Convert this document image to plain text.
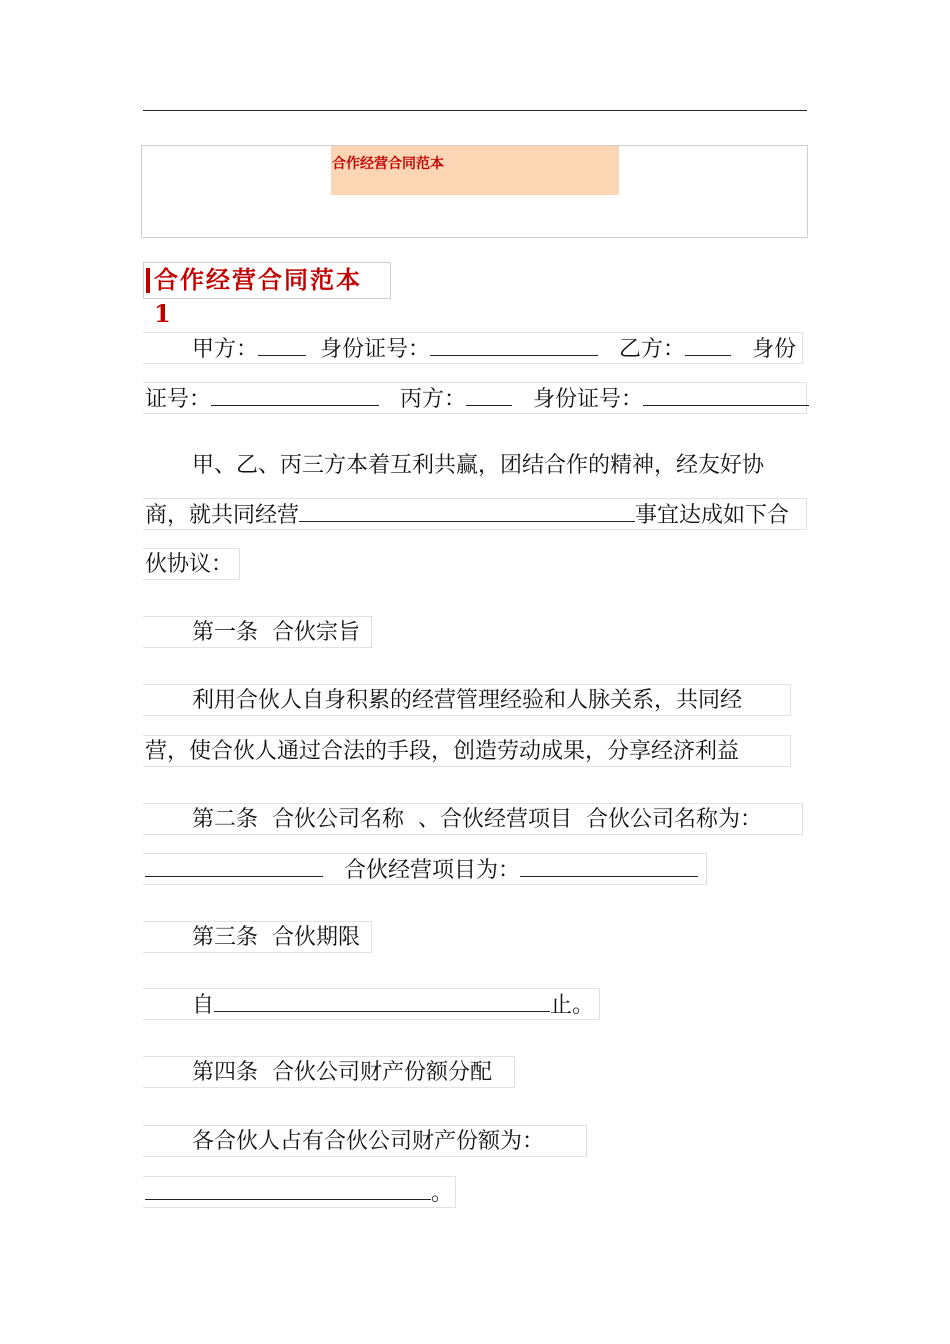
合作经营合同范本
合作经营合同范本 1
甲方：	身份证号：	乙方：	身份
证号：	丙方：	身份证号：
甲、乙、丙三方本着互利共赢，团结合作的精神，经友好协
商，就共同经营	事宜达成如下合
伙协议：
第一条  合伙宗旨
利用合伙人自身积累的经营管理经验和人脉关系，共同经
营，使合伙人通过合法的手段，创造劳动成果，分享经济利益
第二条  合伙公司名称  、合伙经营项目  合伙公司名称为：
合伙经营项目为：
第三条  合伙期限
自	止。
第四条  合伙公司财产份额分配
各合伙人占有合伙公司财产份额为：
。
